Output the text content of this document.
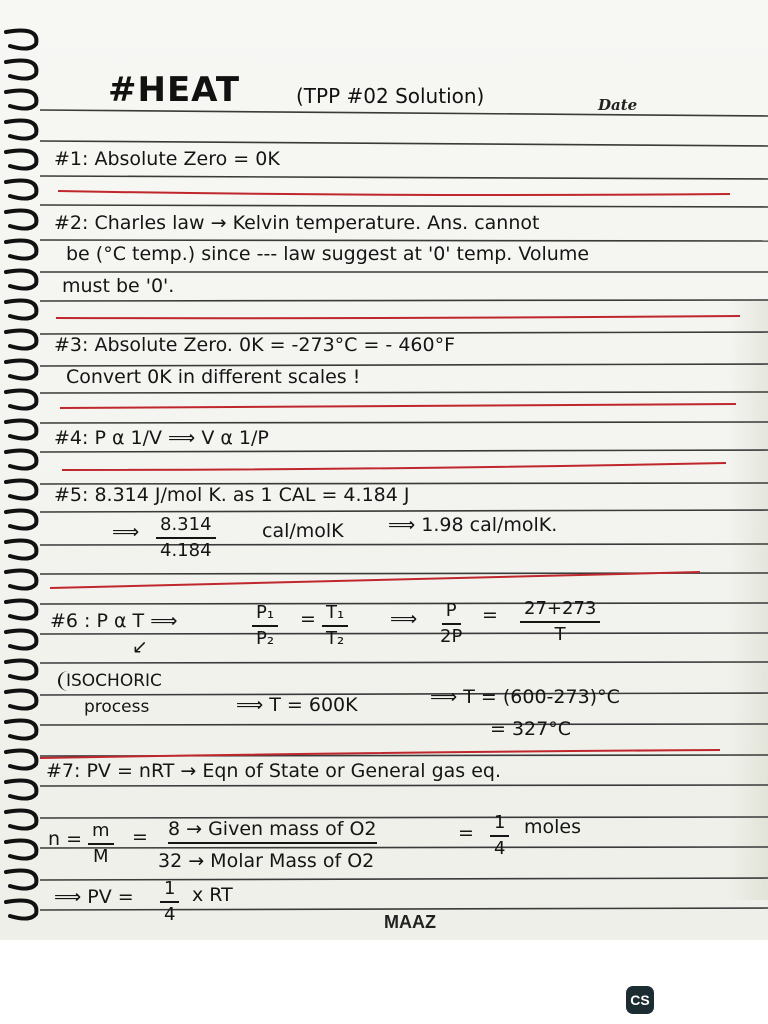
#HEAT	(TPP #02 Solution)	Date
#1: Absolute Zero = 0K
#2: Charles law → Kelvin temperature. Ans. cannot
be (°C temp.) since --- law suggest at '0' temp. Volume
must be '0'.
#3: Absolute Zero. 0K = -273°C = - 460°F
Convert 0K in different scales !
#4: P α 1/V ⟹ V α 1/P
#5: 8.314 J/mol K. as 1 CAL = 4.184 J
⟹ $\frac{8.314}{4.184}$ cal/molK ⟹ 1.98 cal/molK.
#6 : P α T ⟹	$\frac{\text{P₁}}{\text{P₂}} = \frac{\text{T₁}}{\text{T₂}}$ ⟹ $\frac{P}{2P} = \frac{27+273}{T}$
↙
ISOCHORIC
process	⟹ T = 600K	⟹ T = (600-273)°C
= 327°C
#7: PV = nRT → Eqn of State or General gas eq.
$n = \frac{m}{M} = 8$ → Given mass of O2
32 → Molar Mass of O2
= $\frac{1}{4}$ moles
⟹ PV = $\frac{1}{4}$ x RT
MAAZ
CS
